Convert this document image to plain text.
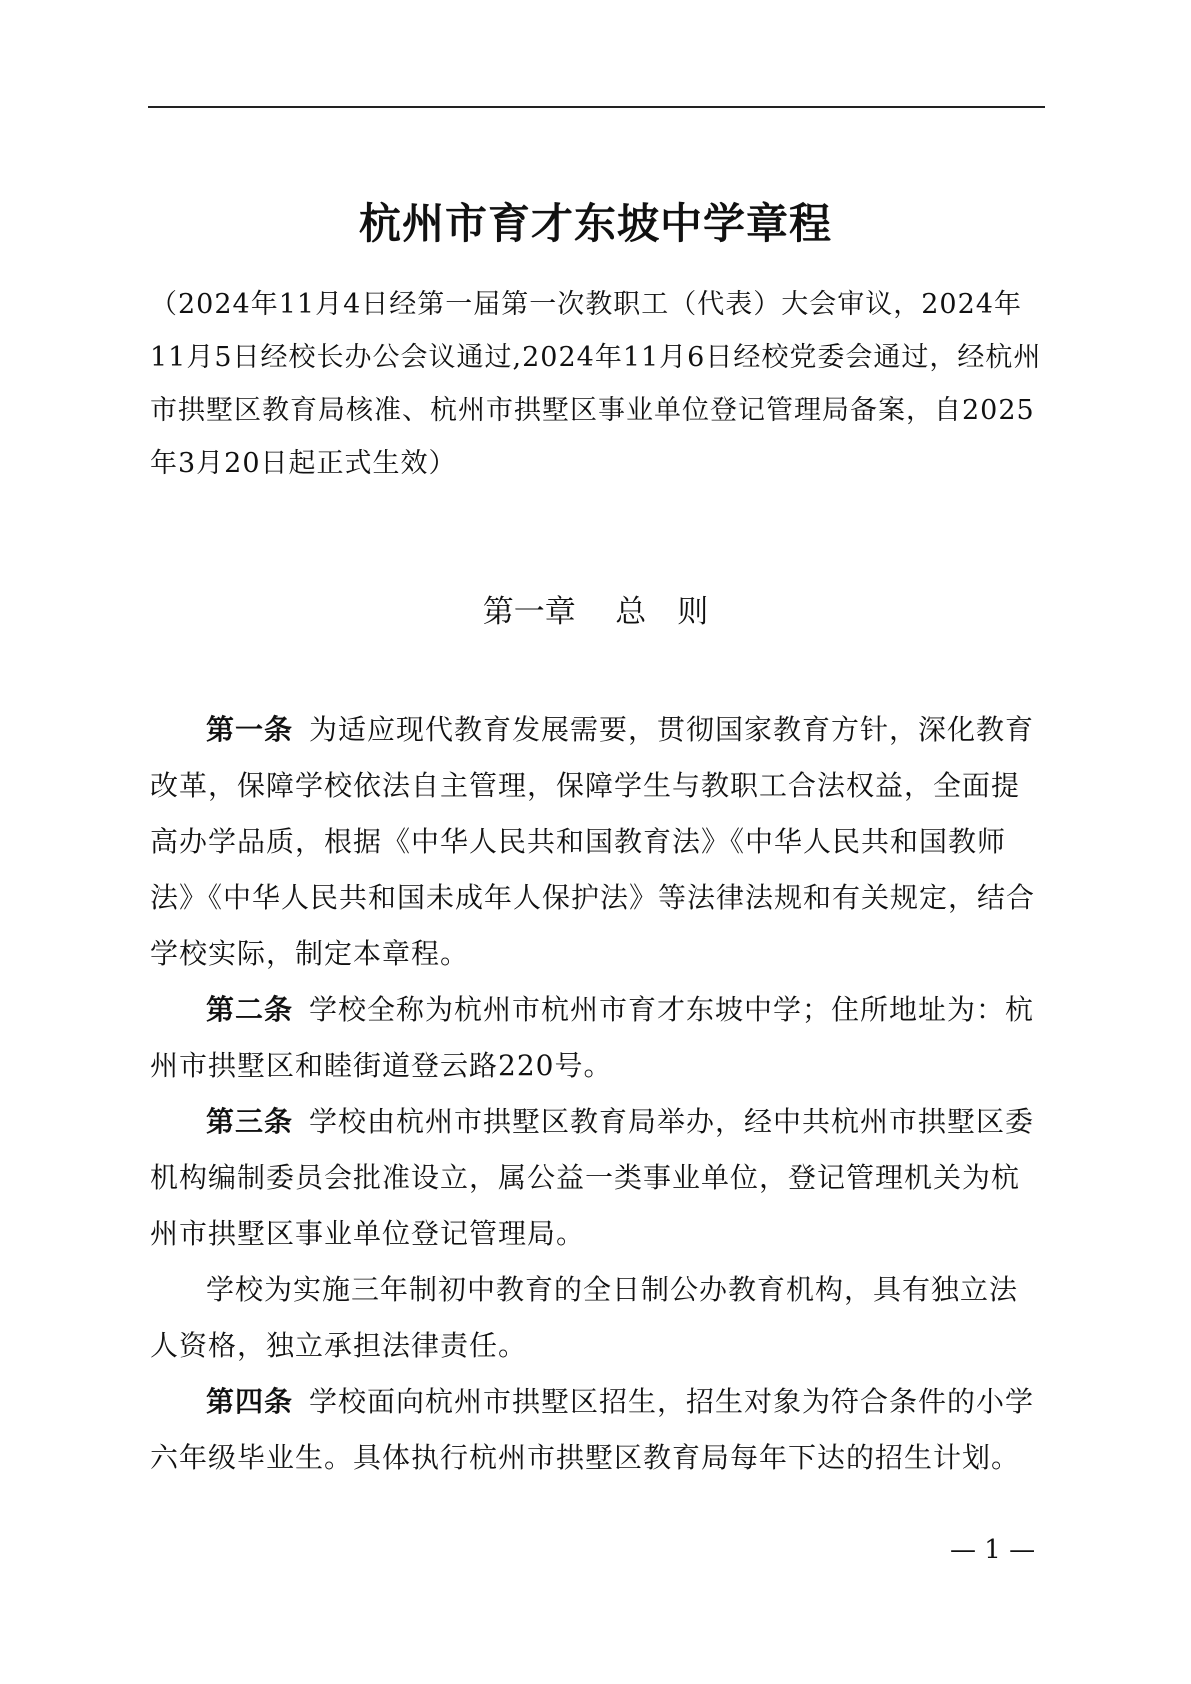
杭州市育才东坡中学章程

（2024年11月4日经第一届第一次教职工（代表）大会审议，2024年11月5日经校长办公会议通过,2024年11月6日经校党委会通过，经杭州市拱墅区教育局核准、杭州市拱墅区事业单位登记管理局备案，自2025年3月20日起正式生效）

第一章 总　则

第一条 为适应现代教育发展需要，贯彻国家教育方针，深化教育改革，保障学校依法自主管理，保障学生与教职工合法权益，全面提高办学品质，根据《中华人民共和国教育法》《中华人民共和国教师法》《中华人民共和国未成年人保护法》等法律法规和有关规定，结合学校实际，制定本章程。

第二条 学校全称为杭州市杭州市育才东坡中学；住所地址为：杭州市拱墅区和睦街道登云路220号。

第三条 学校由杭州市拱墅区教育局举办，经中共杭州市拱墅区委机构编制委员会批准设立，属公益一类事业单位，登记管理机关为杭州市拱墅区事业单位登记管理局。

学校为实施三年制初中教育的全日制公办教育机构，具有独立法人资格，独立承担法律责任。

第四条 学校面向杭州市拱墅区招生，招生对象为符合条件的小学六年级毕业生。具体执行杭州市拱墅区教育局每年下达的招生计划。

— 1 —
